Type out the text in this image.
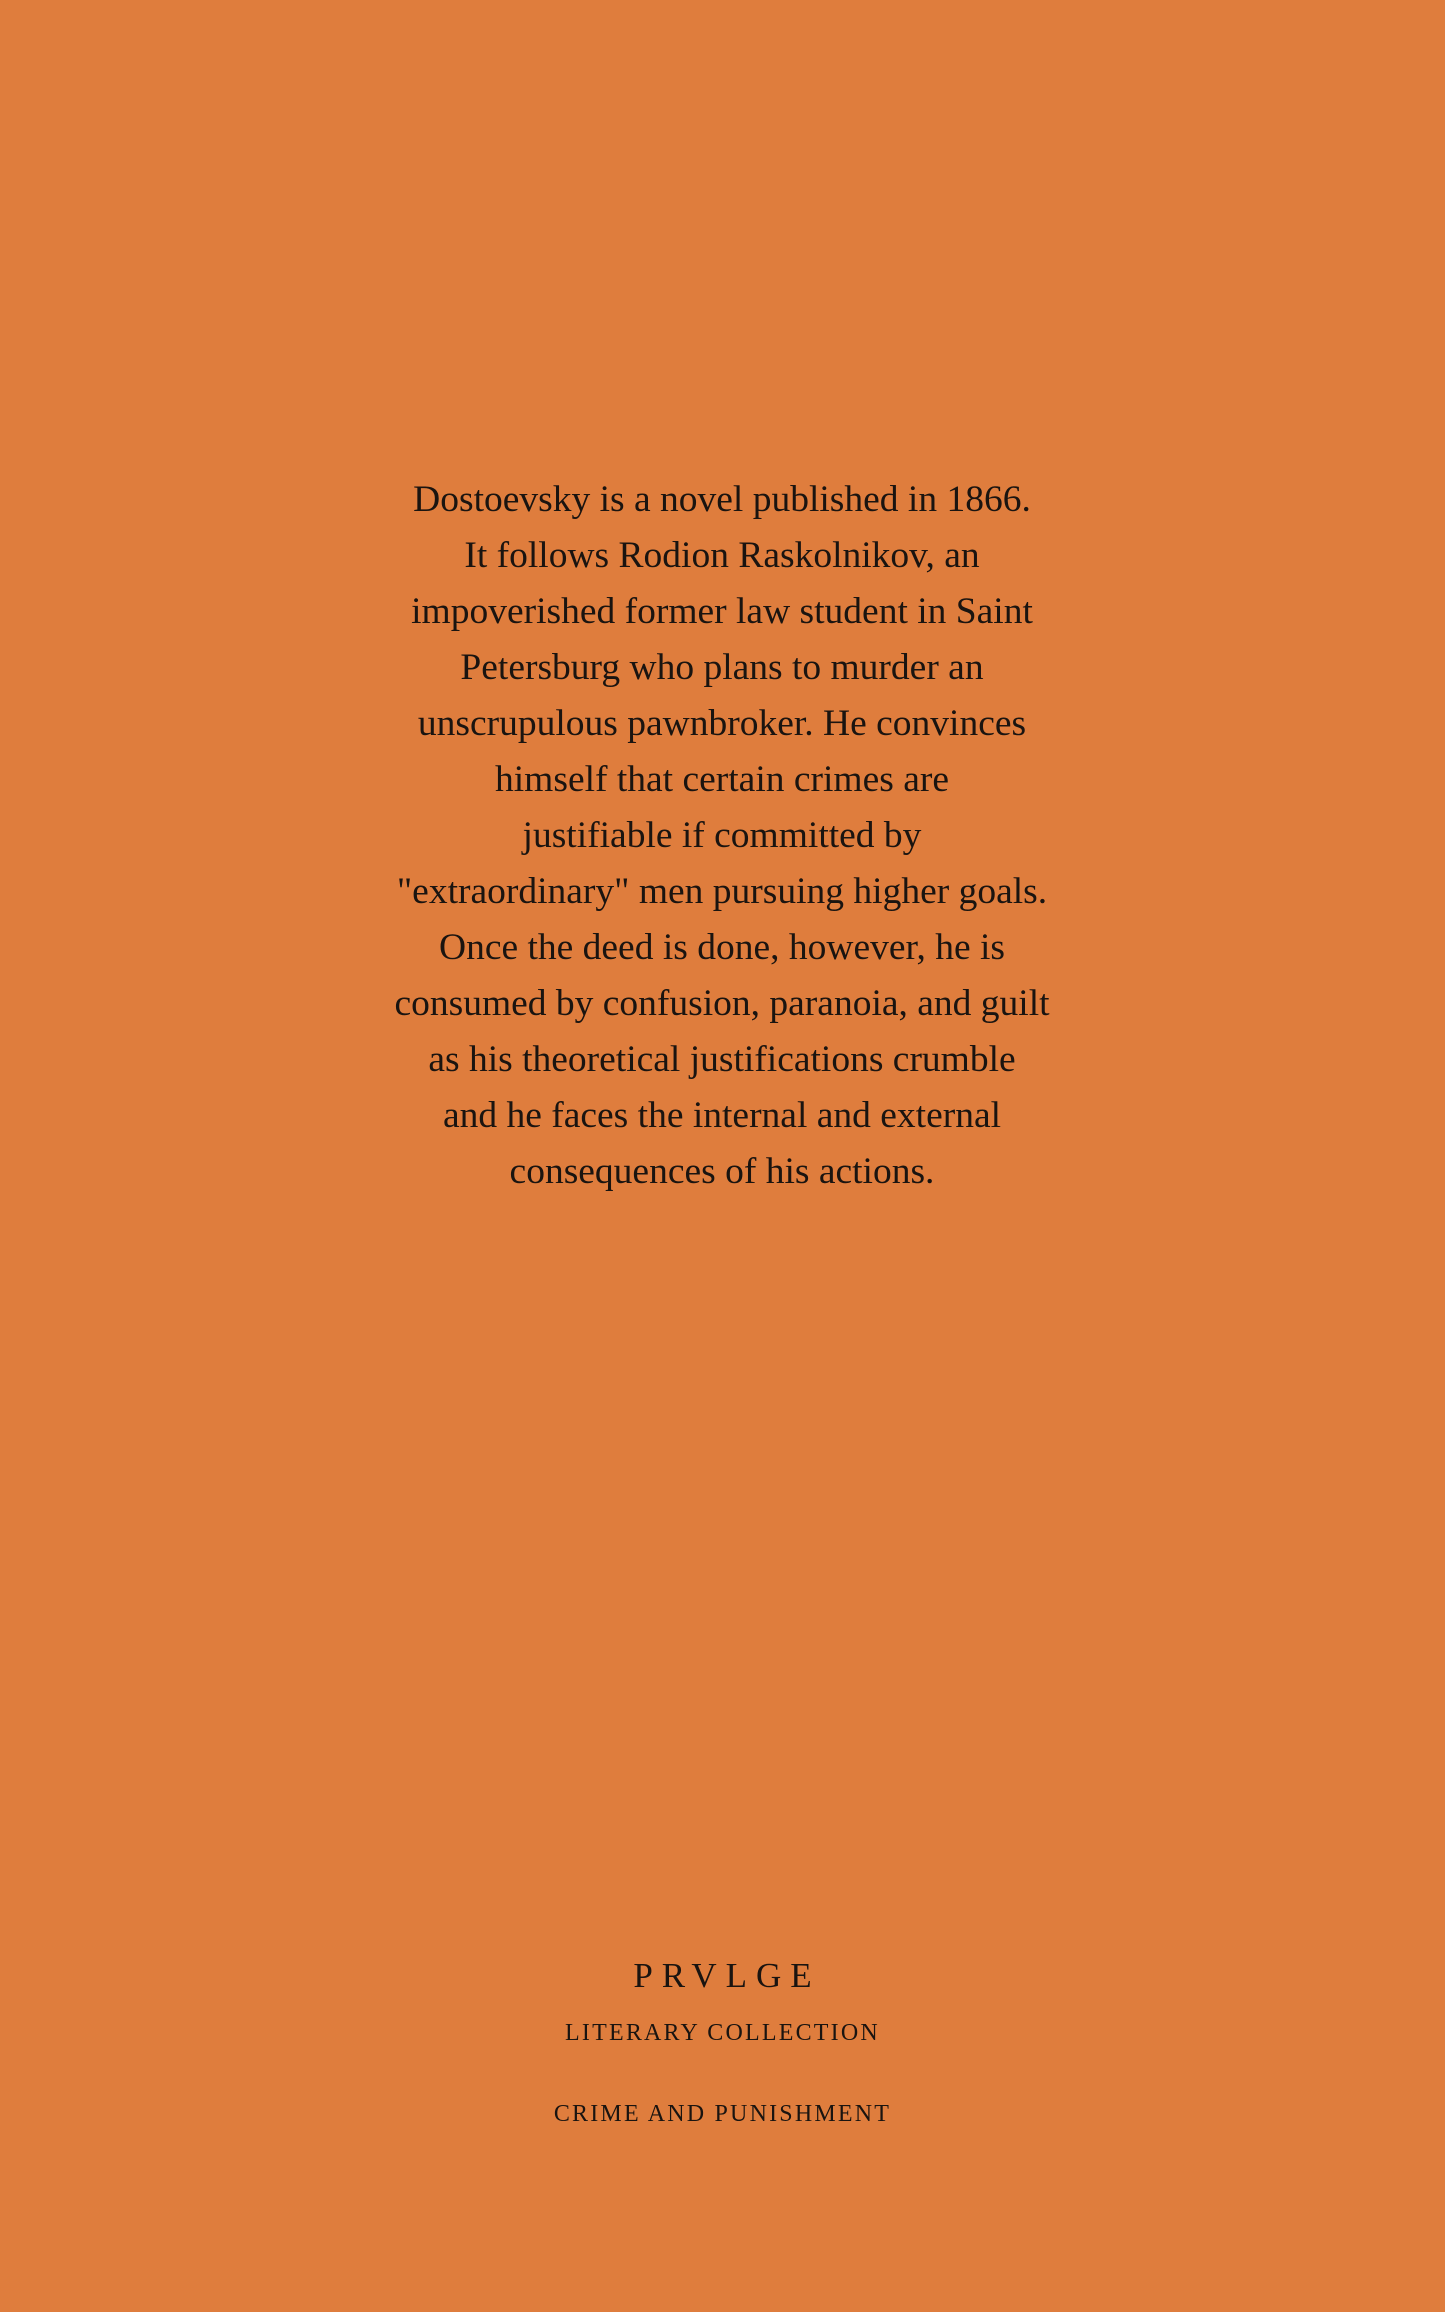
Dostoevsky is a novel published in 1866.
It follows Rodion Raskolnikov, an
impoverished former law student in Saint
Petersburg who plans to murder an
unscrupulous pawnbroker. He convinces
himself that certain crimes are
justifiable if committed by
"extraordinary" men pursuing higher goals.
Once the deed is done, however, he is
consumed by confusion, paranoia, and guilt
as his theoretical justifications crumble
and he faces the internal and external
consequences of his actions.
PRVLGE
LITERARY COLLECTION
CRIME AND PUNISHMENT
